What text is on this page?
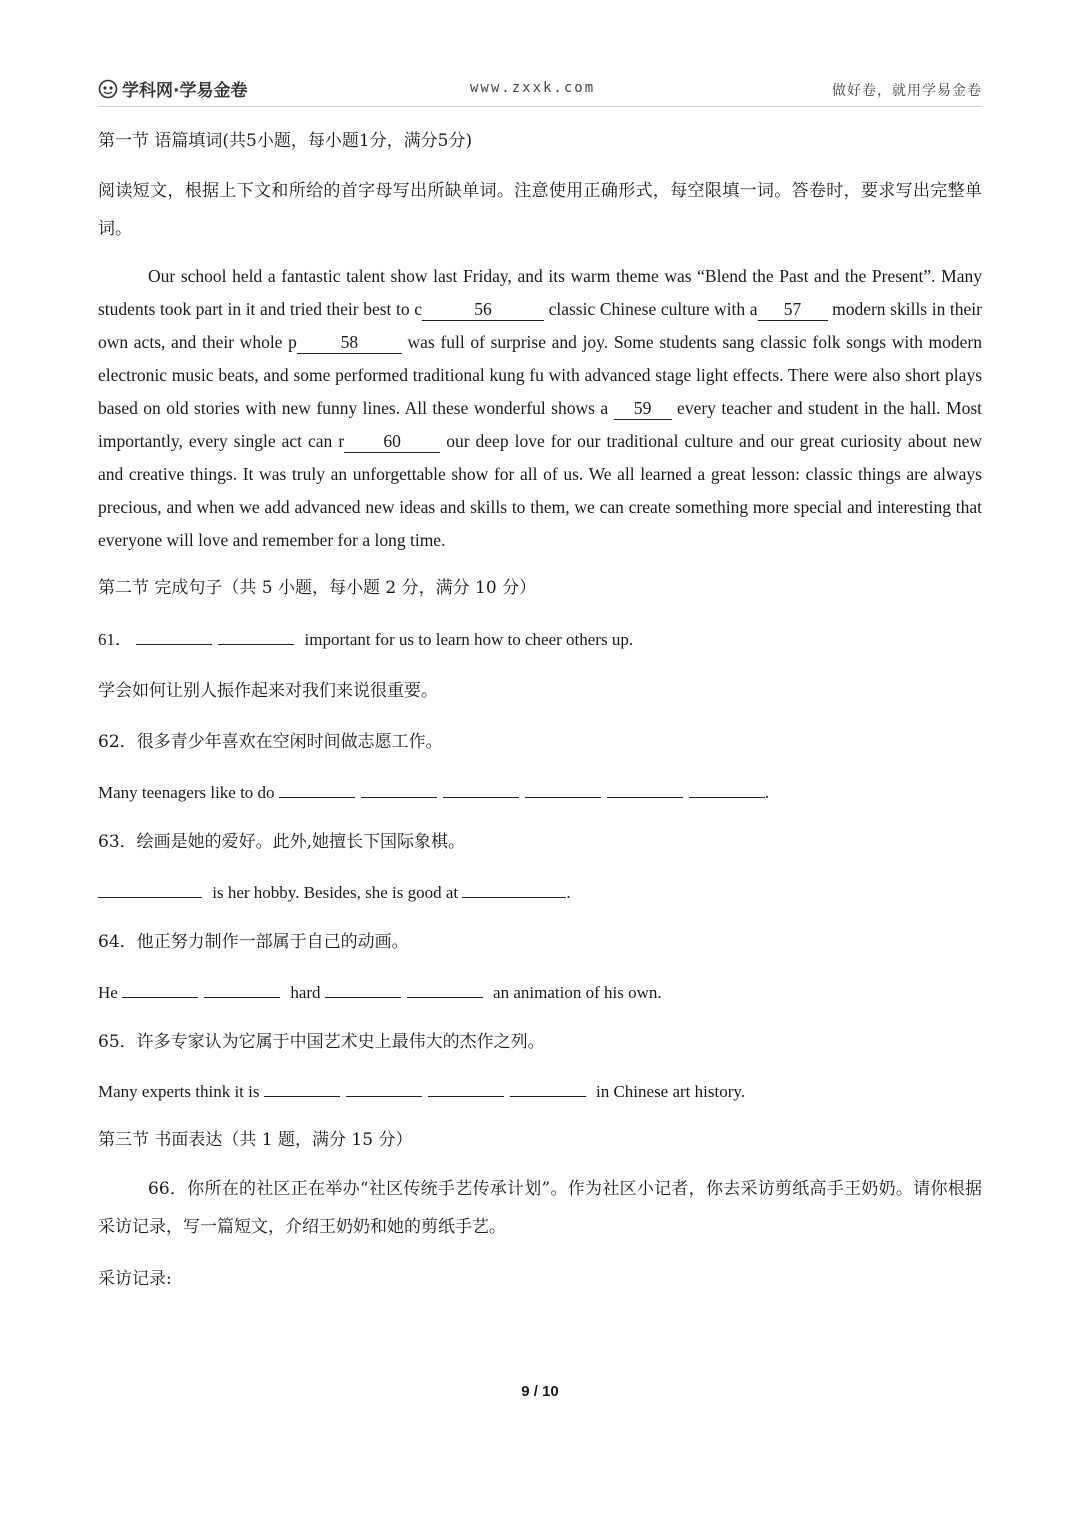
学科网·学易金卷	www.zxxk.com	做好卷，就用学易金卷

第一节 语篇填词(共5小题，每小题1分，满分5分)

阅读短文，根据上下文和所给的首字母写出所缺单词。注意使用正确形式，每空限填一词。答卷时，要求写出完整单词。

Our school held a fantastic talent show last Friday, and its warm theme was “Blend the Past and the Present”. Many students took part in it and tried their best to c	56	classic Chinese culture with a 57 modern skills in their own acts, and their whole p	58	was full of surprise and joy. Some students sang classic folk songs with modern electronic music beats, and some performed traditional kung fu with advanced stage light effects. There were also short plays based on old stories with new funny lines. All these wonderful shows a 59 every teacher and student in the hall. Most importantly, every single act can r 60 our deep love for our traditional culture and our great curiosity about new and creative things. It was truly an unforgettable show for all of us. We all learned a great lesson: classic things are always precious, and when we add advanced new ideas and skills to them, we can create something more special and interesting that everyone will love and remember for a long time.

第二节 完成句子（共 5 小题，每小题 2 分，满分 10 分）

61．	important for us to learn how to cheer others up.

学会如何让别人振作起来对我们来说很重要。

62．很多青少年喜欢在空闲时间做志愿工作。

Many teenagers like to do	.

63．绘画是她的爱好。此外,她擅长下国际象棋。

is her hobby. Besides, she is good at	.

64．他正努力制作一部属于自己的动画。

He	hard	an animation of his own.

65．许多专家认为它属于中国艺术史上最伟大的杰作之列。

Many experts think it is	in Chinese art history.

第三节 书面表达（共 1 题，满分 15 分）

66．你所在的社区正在举办“社区传统手艺传承计划”。作为社区小记者，你去采访剪纸高手王奶奶。请你根据采访记录，写一篇短文，介绍王奶奶和她的剪纸手艺。

采访记录:

9 / 10
